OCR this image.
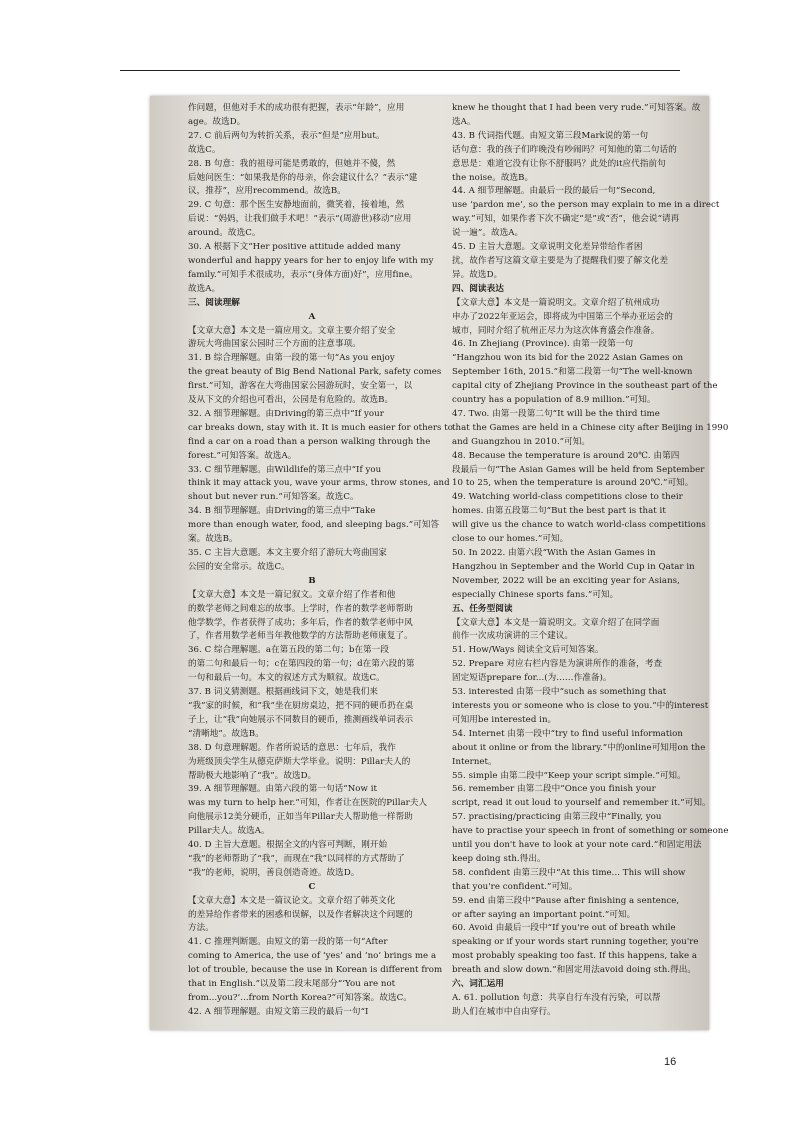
作问题，但他对手术的成功很有把握，表示“年龄”，应用
age。故选D。
27. C 前后两句为转折关系，表示“但是”应用but。
故选C。
28. B 句意：我的祖母可能是勇敢的，但她并不傻，然
后她问医生：“如果我是你的母亲，你会建议什么？”表示“建
议，推荐”，应用recommend。故选B。
29. C 句意：那个医生安静地面前，微笑着，接着地，然
后说：“妈妈，让我们做手术吧！”表示“(周游世)移动”应用
around。故选C。
30. A 根据下文“Her positive attitude added many
wonderful and happy years for her to enjoy life with my
family.”可知手术很成功，表示“(身体方面)好”，应用fine。
故选A。
三、阅读理解
A
【文章大意】本文是一篇应用文。文章主要介绍了安全
游玩大弯曲国家公园时三个方面的注意事项。
31. B 综合理解题。由第一段的第一句“As you enjoy
the great beauty of Big Bend National Park, safety comes
first.”可知，游客在大弯曲国家公园游玩时，安全第一，以
及从下文的介绍也可看出，公园是有危险的。故选B。
32. A 细节理解题。由Driving的第三点中“If your
car breaks down, stay with it. It is much easier for others to
find a car on a road than a person walking through the
forest.”可知答案。故选A。
33. C 细节理解题。由Wildlife的第三点中“If you
think it may attack you, wave your arms, throw stones, and
shout but never run.”可知答案。故选C。
34. B 细节理解题。由Driving的第三点中“Take
more than enough water, food, and sleeping bags.”可知答
案。故选B。
35. C 主旨大意题。本文主要介绍了游玩大弯曲国家
公园的安全常示。故选C。
B
【文章大意】本文是一篇记叙文。文章介绍了作者和他
的数学老师之间难忘的故事。上学时，作者的数学老师帮助
他学数学，作者获得了成功；多年后，作者的数学老师中风
了，作者用数学老师当年教他数学的方法帮助老师康复了。
36. C 综合理解题。a在第五段的第二句；b在第一段
的第二句和最后一句；c在第四段的第一句；d在第六段的第
一句和最后一句。本文的叙述方式为顺叙。故选C。
37. B 词义猜测题。根据画线词下文，她是我们来
“我”家的时候，和“我”坐在厨房桌边，把不同的硬币扔在桌
子上，让“我”向她展示不同数目的硬币，推测画线单词表示
“清晰地”。故选B。
38. D 句意理解题。作者所说话的意思：七年后，我作
为班级顶尖学生从德克萨斯大学毕业。说明：Pillar夫人的
帮助极大地影响了“我”。故选D。
39. A 细节理解题。由第六段的第一句话“Now it
was my turn to help her.”可知，作者让在医院的Pillar夫人
向他展示12美分硬币，正如当年Pillar夫人帮助他一样帮助
Pillar夫人。故选A。
40. D 主旨大意题。根据全文的内容可判断，刚开始
“我”的老师帮助了“我”，而现在“我”以同样的方式帮助了
“我”的老师，说明，善良创造奇迹。故选D。
C
【文章大意】本文是一篇议论文。文章介绍了韩英文化
的差异给作者带来的困惑和误解，以及作者解决这个问题的
方法。
41. C 推理判断题。由短文的第一段的第一句“After
coming to America, the use of ‘yes’ and ‘no’ brings me a
lot of trouble, because the use in Korean is different from
that in English.”以及第二段末尾部分“‘You are not
from...you?’...from North Korea?”可知答案。故选C。
42. A 细节理解题。由短文第三段的最后一句“I
knew he thought that I had been very rude.”可知答案。故
选A。
43. B 代词指代题。由短文第三段Mark说的第一句
话句意：我的孩子们昨晚没有吵闹吗？可知他的第二句话的
意思是：难道它没有让你不舒服吗？此处的it应代指前句
the noise。故选B。
44. A 细节理解题。由最后一段的最后一句“Second,
use ‘pardon me’, so the person may explain to me in a direct
way.”可知，如果作者下次不确定“是”或“否”，他会说“请再
说一遍”。故选A。
45. D 主旨大意题。文章说明文化差异带给作者困
扰，故作者写这篇文章主要是为了提醒我们要了解文化差
异。故选D。
四、阅读表达
【文章大意】本文是一篇说明文。文章介绍了杭州成功
申办了2022年亚运会，即将成为中国第三个举办亚运会的
城市，同时介绍了杭州正尽力为这次体育盛会作准备。
46. In Zhejiang (Province). 由第一段第一句
“Hangzhou won its bid for the 2022 Asian Games on
September 16th, 2015.”和第二段第一句“The well-known
capital city of Zhejiang Province in the southeast part of the
country has a population of 8.9 million.”可知。
47. Two. 由第一段第二句“It will be the third time
that the Games are held in a Chinese city after Beijing in 1990
and Guangzhou in 2010.”可知。
48. Because the temperature is around 20℃. 由第四
段最后一句“The Asian Games will be held from September
10 to 25, when the temperature is around 20℃.”可知。
49. Watching world-class competitions close to their
homes. 由第五段第二句“But the best part is that it
will give us the chance to watch world-class competitions
close to our homes.”可知。
50. In 2022. 由第六段“With the Asian Games in
Hangzhou in September and the World Cup in Qatar in
November, 2022 will be an exciting year for Asians,
especially Chinese sports fans.”可知。
五、任务型阅读
【文章大意】本文是一篇说明文。文章介绍了在同学面
前作一次成功演讲的三个建议。
51. How/Ways 阅读全文后可知答案。
52. Prepare 对应右栏内容是为演讲所作的准备，考查
固定短语prepare for...(为……作准备)。
53. interested 由第一段中“such as something that
interests you or someone who is close to you.”中的interest
可知用be interested in。
54. Internet 由第一段中“try to find useful information
about it online or from the library.”中的online可知用on the
Internet。
55. simple 由第二段中“Keep your script simple.”可知。
56. remember 由第二段中“Once you finish your
script, read it out loud to yourself and remember it.”可知。
57. practising/practicing 由第三段中“Finally, you
have to practise your speech in front of something or someone
until you don't have to look at your note card.”和固定用法
keep doing sth.得出。
58. confident 由第三段中“At this time... This will show
that you're confident.”可知。
59. end 由第三段中“Pause after finishing a sentence,
or after saying an important point.”可知。
60. Avoid 由最后一段中“If you're out of breath while
speaking or if your words start running together, you're
most probably speaking too fast. If this happens, take a
breath and slow down.”和固定用法avoid doing sth.得出。
六、词汇运用
A. 61. pollution 句意：共享自行车没有污染，可以帮
助人们在城市中自由穿行。
16
